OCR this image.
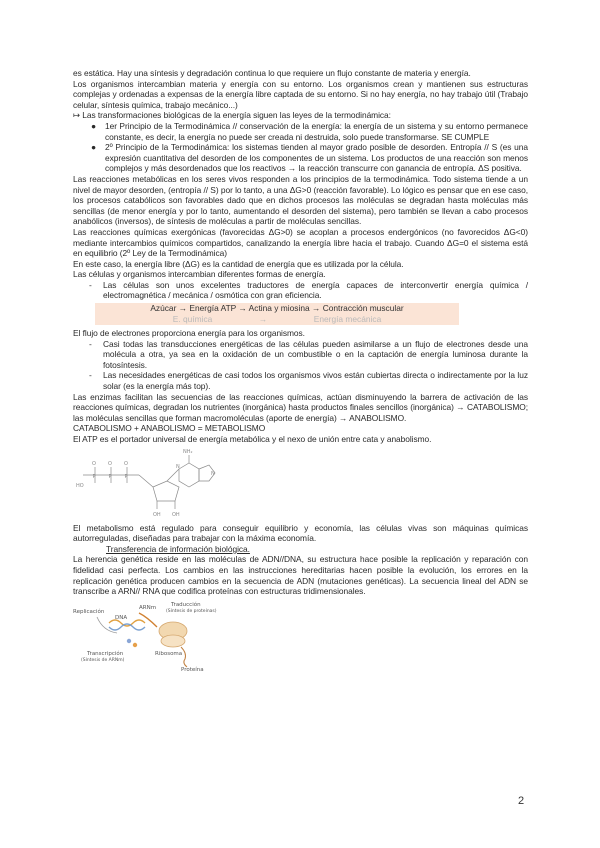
es estática. Hay una síntesis y degradación continua lo que requiere un flujo constante de materia y energía.

Los organismos intercambian materia y energía con su entorno. Los organismos crean y mantienen sus estructuras complejas y ordenadas a expensas de la energía libre captada de su entorno. Si no hay energía, no hay trabajo útil (Trabajo celular, síntesis química, trabajo mecánico...)

↦ Las transformaciones biológicas de la energía siguen las leyes de la termodinámica:

●	1er Principio de la Termodinámica // conservación de la energía: la energía de un sistema y su entorno permanece constante, es decir, la energía no puede ser creada ni destruida, solo puede transformarse. SE CUMPLE

●	2º Principio de la Termodinámica: los sistemas tienden al mayor grado posible de desorden. Entropía // S (es una expresión cuantitativa del desorden de los componentes de un sistema. Los productos de una reacción son menos complejos y más desordenados que los reactivos → la reacción transcurre con ganancia de entropía. ΔS positiva.

Las reacciones metabólicas en los seres vivos responden a los principios de la termodinámica. Todo sistema tiende a un nivel de mayor desorden, (entropía // S) por lo tanto, a una ΔG>0 (reacción favorable). Lo lógico es pensar que en ese caso, los procesos catabólicos son favorables dado que en dichos procesos las moléculas se degradan hasta moléculas más sencillas (de menor energía y por lo tanto, aumentando el desorden del sistema), pero también se llevan a cabo procesos anabólicos (inversos), de síntesis de moléculas a partir de moléculas sencillas.

Las reacciones químicas exergónicas (favorecidas ΔG>0) se acoplan a procesos endergónicos (no favorecidos ΔG<0) mediante intercambios químicos compartidos, canalizando la energía libre hacia el trabajo. Cuando ΔG=0 el sistema está en equilibrio (2º Ley de la Termodinámica)

En este caso, la energía libre (ΔG) es la cantidad de energía que es utilizada por la célula.

Las células y organismos intercambian diferentes formas de energía.

-	Las células son unos excelentes traductores de energía capaces de interconvertir energía química / electromagnética / mecánica / osmótica con gran eficiencia.

Azúcar → Energía ATP → Actina y miosina → Contracción muscular
E. química                    →                    Energía mecánica

El flujo de electrones proporciona energía para los organismos.

-	Casi todas las transducciones energéticas de las células pueden asimilarse a un flujo de electrones desde una molécula a otra, ya sea en la oxidación de un combustible o en la captación de energía luminosa durante la fotosíntesis.

-	Las necesidades energéticas de casi todos los organismos vivos están cubiertas directa o indirectamente por la luz solar (es la energía más top).

Las enzimas facilitan las secuencias de las reacciones químicas, actúan disminuyendo la barrera de activación de las reacciones químicas, degradan los nutrientes (inorgánica) hasta productos finales sencillos (inorgánica) → CATABOLISMO; las moléculas sencillas que forman macromoléculas (aporte de energía) → ANABOLISMO.

CATABOLISMO + ANABOLISMO = METABOLISMO

El ATP es el portador universal de energía metabólica y el nexo de unión entre cata y anabolismo.

O O O
P	P	P
HO
OH OH
NH₂
N
N

El metabolismo está regulado para conseguir equilibrio y economía, las células vivas son máquinas químicas autorreguladas, diseñadas para trabajar con la máxima economía.

Transferencia de información biológica.

La herencia genética reside en las moléculas de ADN//DNA, su estructura hace posible la replicación y reparación con fidelidad casi perfecta. Los cambios en las instrucciones hereditarias hacen posible la evolución, los errores en la replicación genética producen cambios en la secuencia de ADN (mutaciones genéticas). La secuencia lineal del ADN se transcribe a ARN// RNA que codifica proteínas con estructuras tridimensionales.

Replicación
DNA
ARNm	Traducción
(Síntesis de proteínas)
Transcripción
(Síntesis de ARNm)
Ribosoma
Proteína
2
